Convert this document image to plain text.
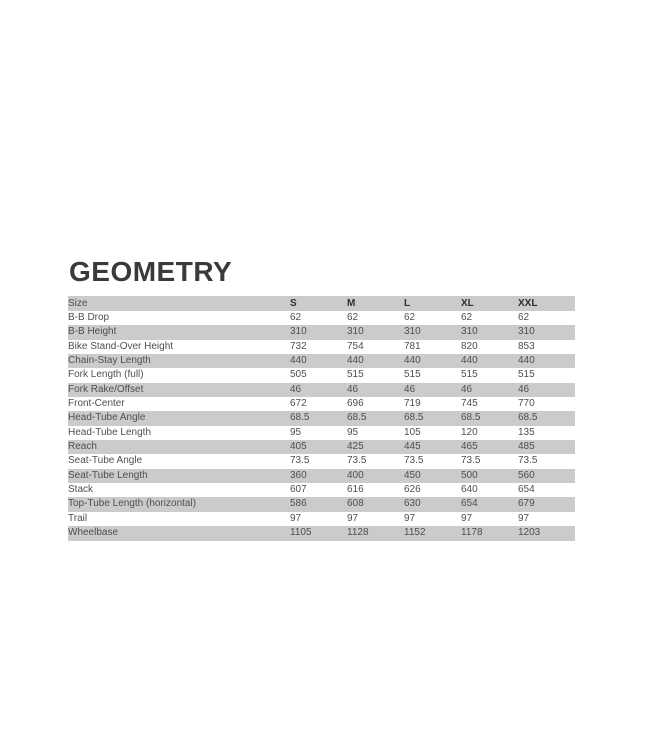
GEOMETRY
Size	S	M	L	XL	XXL
B-B Drop	62	62	62	62	62
B-B Height	310	310	310	310	310
Bike Stand-Over Height	732	754	781	820	853
Chain-Stay Length	440	440	440	440	440
Fork Length (full)	505	515	515	515	515
Fork Rake/Offset	46	46	46	46	46
Front-Center	672	696	719	745	770
Head-Tube Angle	68.5	68.5	68.5	68.5	68.5
Head-Tube Length	95	95	105	120	135
Reach	405	425	445	465	485
Seat-Tube Angle	73.5	73.5	73.5	73.5	73.5
Seat-Tube Length	360	400	450	500	560
Stack	607	616	626	640	654
Top-Tube Length (horizontal)	586	608	630	654	679
Trail	97	97	97	97	97
Wheelbase	1105	1128	1152	1178	1203
